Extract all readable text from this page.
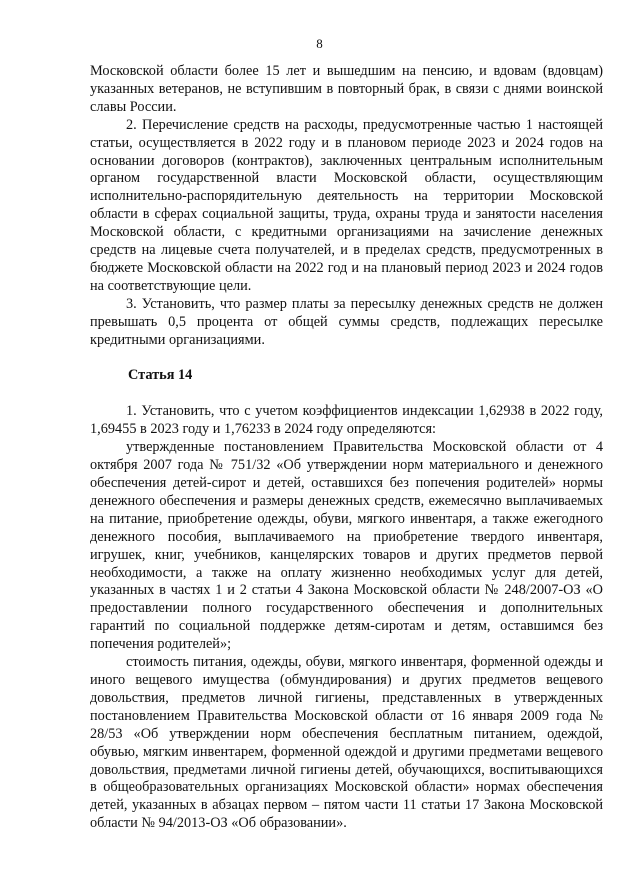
8

Московской области более 15 лет и вышедшим на пенсию, и вдовам (вдовцам) указанных ветеранов, не вступившим в повторный брак, в связи с днями воинской славы России.

2. Перечисление средств на расходы, предусмотренные частью 1 настоящей статьи, осуществляется в 2022 году и в плановом периоде 2023 и 2024 годов на основании договоров (контрактов), заключенных центральным исполнительным органом государственной власти Московской области, осуществляющим исполнительно-распорядительную деятельность на территории Московской области в сферах социальной защиты, труда, охраны труда и занятости населения Московской области, с кредитными организациями на зачисление денежных средств на лицевые счета получателей, и в пределах средств, предусмотренных в бюджете Московской области на 2022 год и на плановый период 2023 и 2024 годов на соответствующие цели.

3. Установить, что размер платы за пересылку денежных средств не должен превышать 0,5 процента от общей суммы средств, подлежащих пересылке кредитными организациями.

Статья 14

1. Установить, что с учетом коэффициентов индексации 1,62938 в 2022 году, 1,69455 в 2023 году и 1,76233 в 2024 году определяются:

утвержденные постановлением Правительства Московской области от 4 октября 2007 года № 751/32 «Об утверждении норм материального и денежного обеспечения детей-сирот и детей, оставшихся без попечения родителей» нормы денежного обеспечения и размеры денежных средств, ежемесячно выплачиваемых на питание, приобретение одежды, обуви, мягкого инвентаря, а также ежегодного денежного пособия, выплачиваемого на приобретение твердого инвентаря, игрушек, книг, учебников, канцелярских товаров и других предметов первой необходимости, а также на оплату жизненно необходимых услуг для детей, указанных в частях 1 и 2 статьи 4 Закона Московской области № 248/2007-ОЗ «О предоставлении полного государственного обеспечения и дополнительных гарантий по социальной поддержке детям-сиротам и детям, оставшимся без попечения родителей»;

стоимость питания, одежды, обуви, мягкого инвентаря, форменной одежды и иного вещевого имущества (обмундирования) и других предметов вещевого довольствия, предметов личной гигиены, представленных в утвержденных постановлением Правительства Московской области от 16 января 2009 года № 28/53 «Об утверждении норм обеспечения бесплатным питанием, одеждой, обувью, мягким инвентарем, форменной одеждой и другими предметами вещевого довольствия, предметами личной гигиены детей, обучающихся, воспитывающихся в общеобразовательных организациях Московской области» нормах обеспечения детей, указанных в абзацах первом – пятом части 11 статьи 17 Закона Московской области № 94/2013-ОЗ «Об образовании».
